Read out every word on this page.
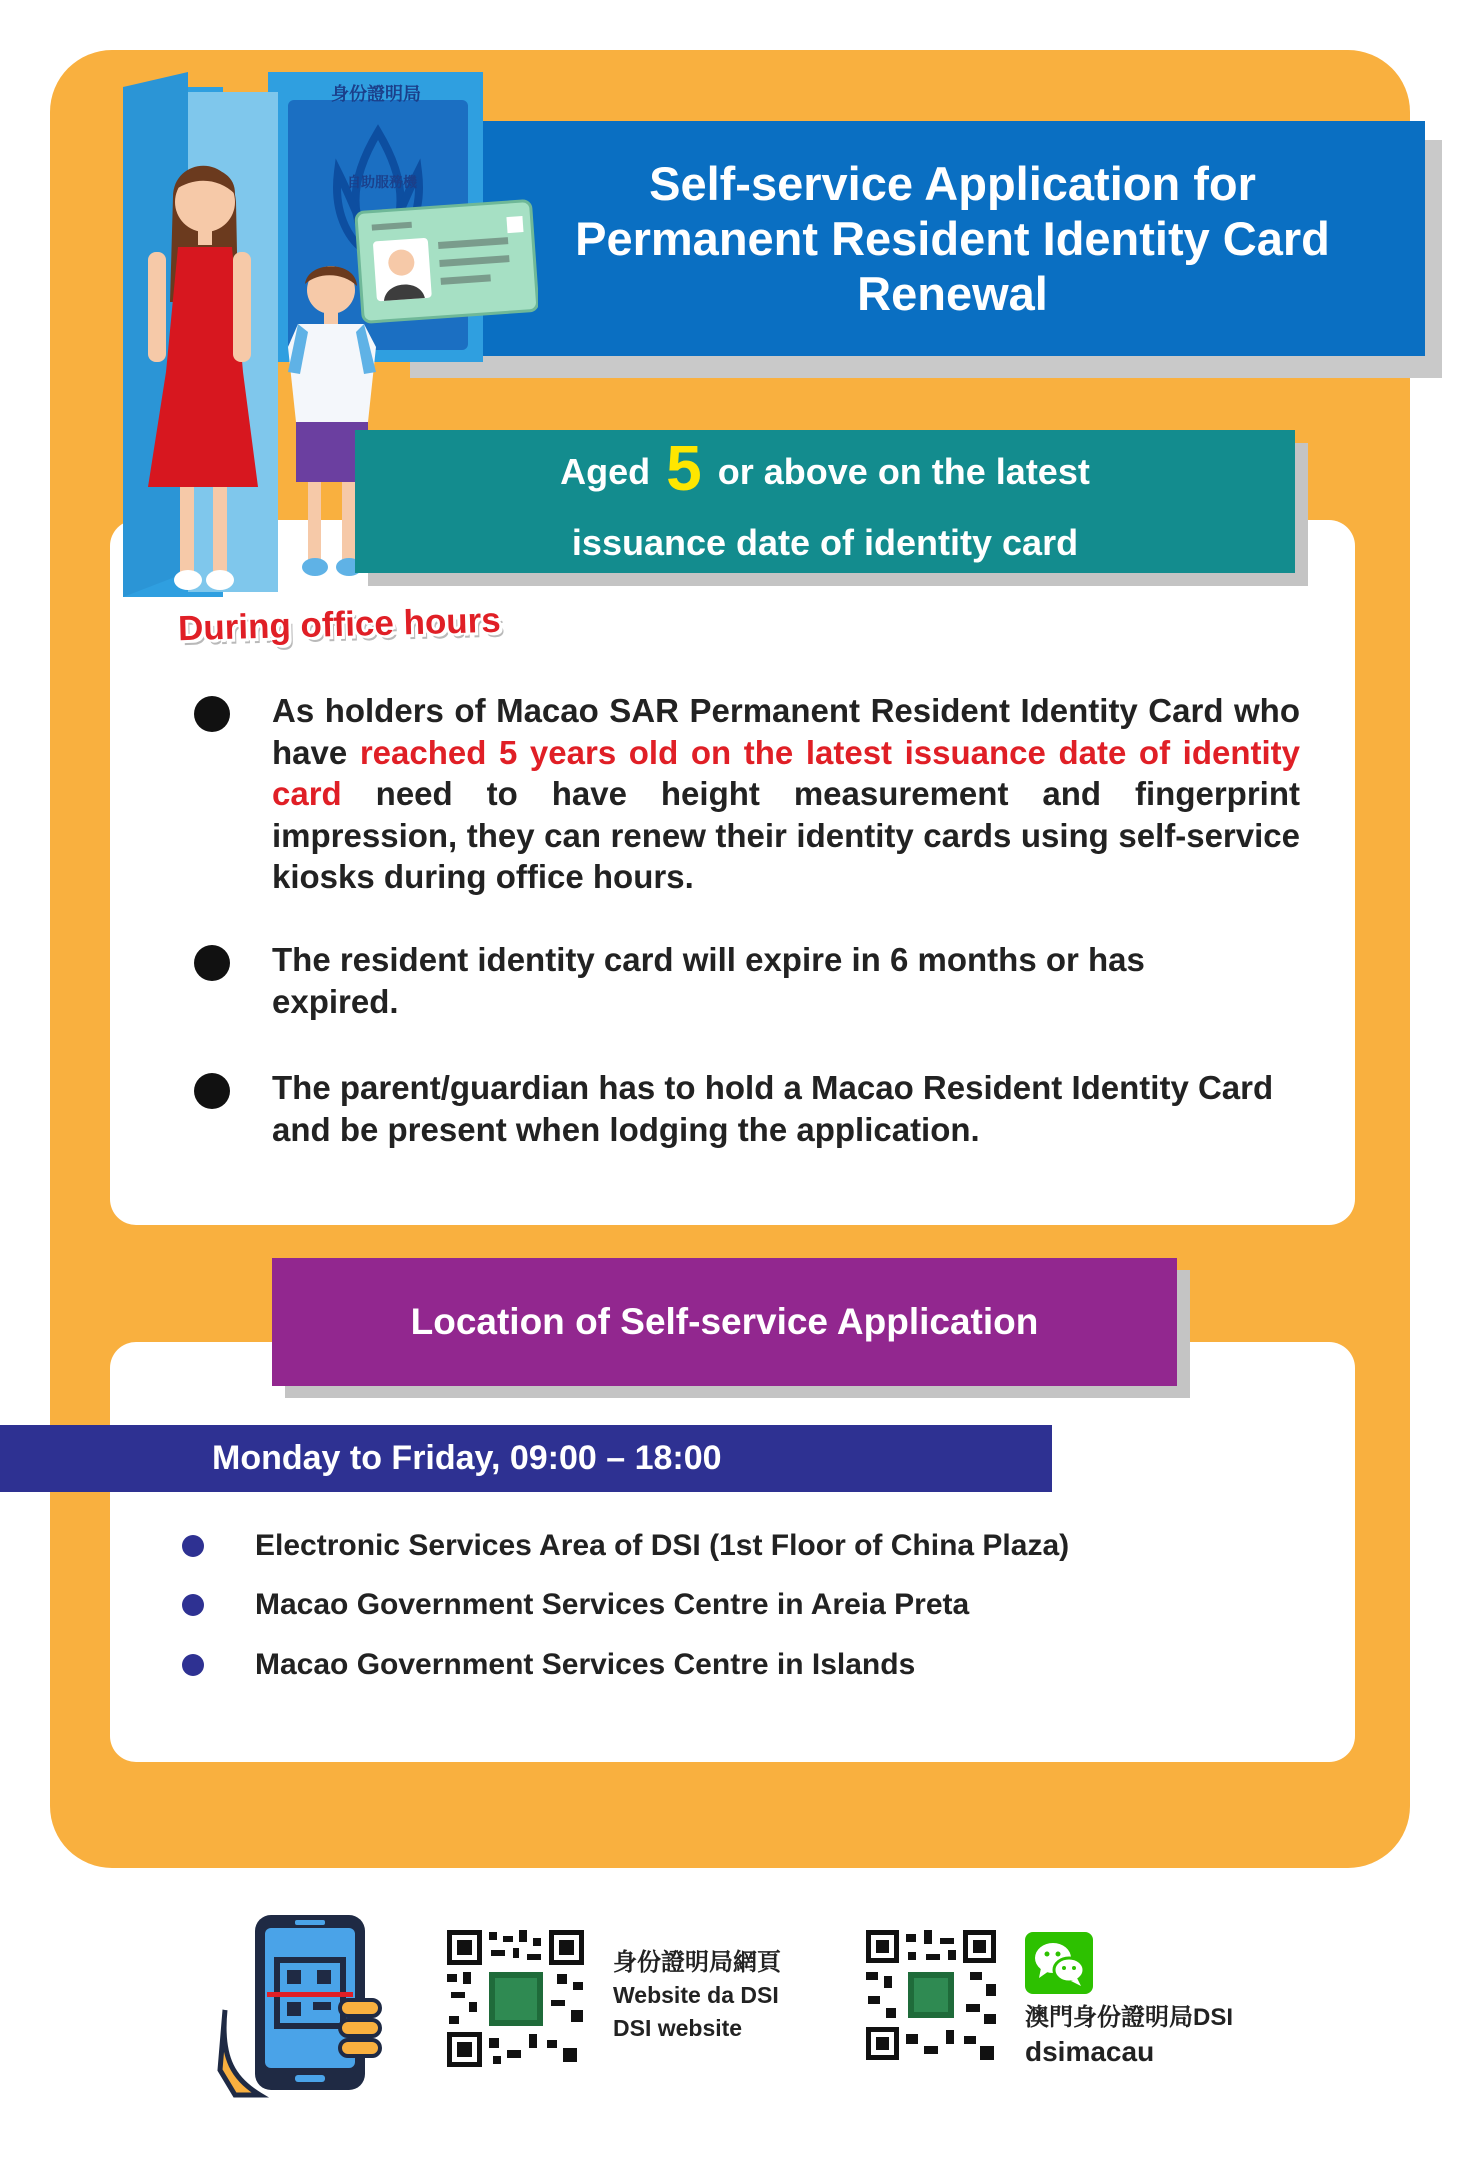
Self-service Application for Permanent Resident Identity Card Renewal
身份證明局
自助服務機
Aged 5 or above on the latest
issuance date of identity card
During office hours
As holders of Macao SAR Permanent Resident Identity Card who have reached 5 years old on the latest issuance date of identity card need to have height measurement and fingerprint impression, they can renew their identity cards using self-service kiosks during office hours.
The resident identity card will expire in 6 months or has expired.
The parent/guardian has to hold a Macao Resident Identity Card and be present when lodging the application.
Location of Self-service Application
Monday to Friday, 09:00 – 18:00
Electronic Services Area of DSI (1st Floor of China Plaza)
Macao Government Services Centre in Areia Preta
Macao Government Services Centre in Islands
身份證明局網頁
Website da DSI
DSI website	澳門身份證明局DSI
dsimacau
